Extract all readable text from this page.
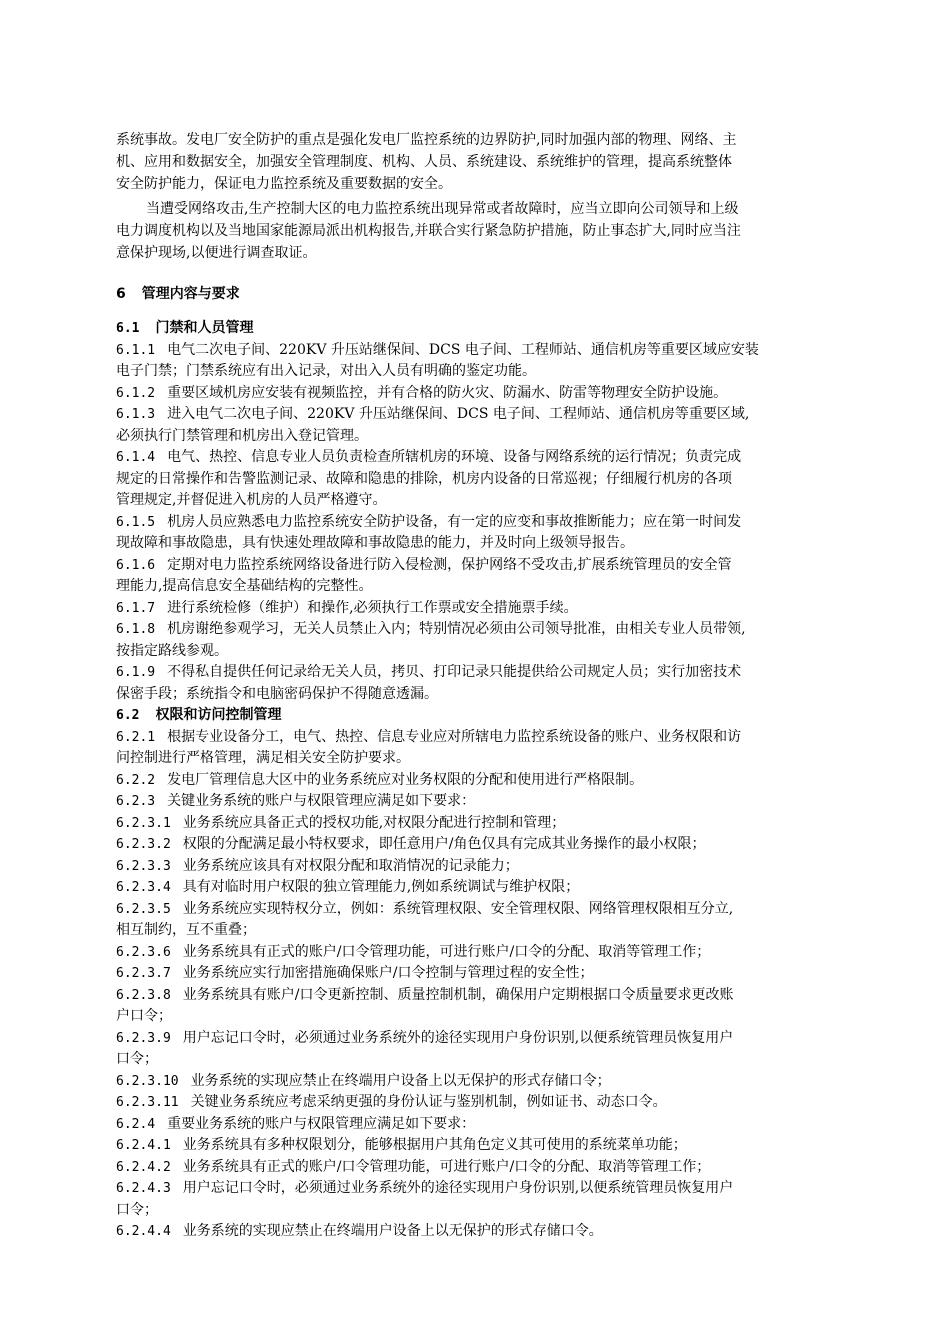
系统事故。发电厂安全防护的重点是强化发电厂监控系统的边界防护,同时加强内部的物理、网络、主
机、应用和数据安全，加强安全管理制度、机构、人员、系统建设、系统维护的管理，提高系统整体
安全防护能力，保证电力监控系统及重要数据的安全。
当遭受网络攻击,生产控制大区的电力监控系统出现异常或者故障时，应当立即向公司领导和上级
电力调度机构以及当地国家能源局派出机构报告,并联合实行紧急防护措施，防止事态扩大,同时应当注
意保护现场,以便进行调查取证。
6 管理内容与要求
6.1 门禁和人员管理
6.1.1 电气二次电子间、220KV 升压站继保间、DCS 电子间、工程师站、通信机房等重要区域应安装
电子门禁；门禁系统应有出入记录，对出入人员有明确的鉴定功能。
6.1.2 重要区域机房应安装有视频监控，并有合格的防火灾、防漏水、防雷等物理安全防护设施。
6.1.3 进入电气二次电子间、220KV 升压站继保间、DCS 电子间、工程师站、通信机房等重要区域,
必须执行门禁管理和机房出入登记管理。
6.1.4 电气、热控、信息专业人员负责检查所辖机房的环境、设备与网络系统的运行情况；负责完成
规定的日常操作和告警监测记录、故障和隐患的排除，机房内设备的日常巡视；仔细履行机房的各项
管理规定,并督促进入机房的人员严格遵守。
6.1.5 机房人员应熟悉电力监控系统安全防护设备，有一定的应变和事故推断能力；应在第一时间发
现故障和事故隐患，具有快速处理故障和事故隐患的能力，并及时向上级领导报告。
6.1.6 定期对电力监控系统网络设备进行防入侵检测，保护网络不受攻击,扩展系统管理员的安全管
理能力,提高信息安全基础结构的完整性。
6.1.7 进行系统检修（维护）和操作,必须执行工作票或安全措施票手续。
6.1.8 机房谢绝参观学习，无关人员禁止入内；特别情况必须由公司领导批准，由相关专业人员带领,
按指定路线参观。
6.1.9 不得私自提供任何记录给无关人员，拷贝、打印记录只能提供给公司规定人员；实行加密技术
保密手段；系统指令和电脑密码保护不得随意透漏。
6.2 权限和访问控制管理
6.2.1 根据专业设备分工，电气、热控、信息专业应对所辖电力监控系统设备的账户、业务权限和访
问控制进行严格管理，满足相关安全防护要求。
6.2.2 发电厂管理信息大区中的业务系统应对业务权限的分配和使用进行严格限制。
6.2.3 关键业务系统的账户与权限管理应满足如下要求：
6.2.3.1 业务系统应具备正式的授权功能,对权限分配进行控制和管理；
6.2.3.2 权限的分配满足最小特权要求，即任意用户/角色仅具有完成其业务操作的最小权限；
6.2.3.3 业务系统应该具有对权限分配和取消情况的记录能力；
6.2.3.4 具有对临时用户权限的独立管理能力,例如系统调试与维护权限；
6.2.3.5 业务系统应实现特权分立，例如：系统管理权限、安全管理权限、网络管理权限相互分立,
相互制约，互不重叠；
6.2.3.6 业务系统具有正式的账户/口令管理功能，可进行账户/口令的分配、取消等管理工作；
6.2.3.7 业务系统应实行加密措施确保账户/口令控制与管理过程的安全性；
6.2.3.8 业务系统具有账户/口令更新控制、质量控制机制，确保用户定期根据口令质量要求更改账
户口令；
6.2.3.9 用户忘记口令时，必须通过业务系统外的途径实现用户身份识别,以便系统管理员恢复用户
口令；
6.2.3.10 业务系统的实现应禁止在终端用户设备上以无保护的形式存储口令；
6.2.3.11 关键业务系统应考虑采纳更强的身份认证与鉴别机制，例如证书、动态口令。
6.2.4 重要业务系统的账户与权限管理应满足如下要求：
6.2.4.1 业务系统具有多种权限划分，能够根据用户其角色定义其可使用的系统菜单功能；
6.2.4.2 业务系统具有正式的账户/口令管理功能，可进行账户/口令的分配、取消等管理工作；
6.2.4.3 用户忘记口令时，必须通过业务系统外的途径实现用户身份识别,以便系统管理员恢复用户
口令；
6.2.4.4 业务系统的实现应禁止在终端用户设备上以无保护的形式存储口令。
